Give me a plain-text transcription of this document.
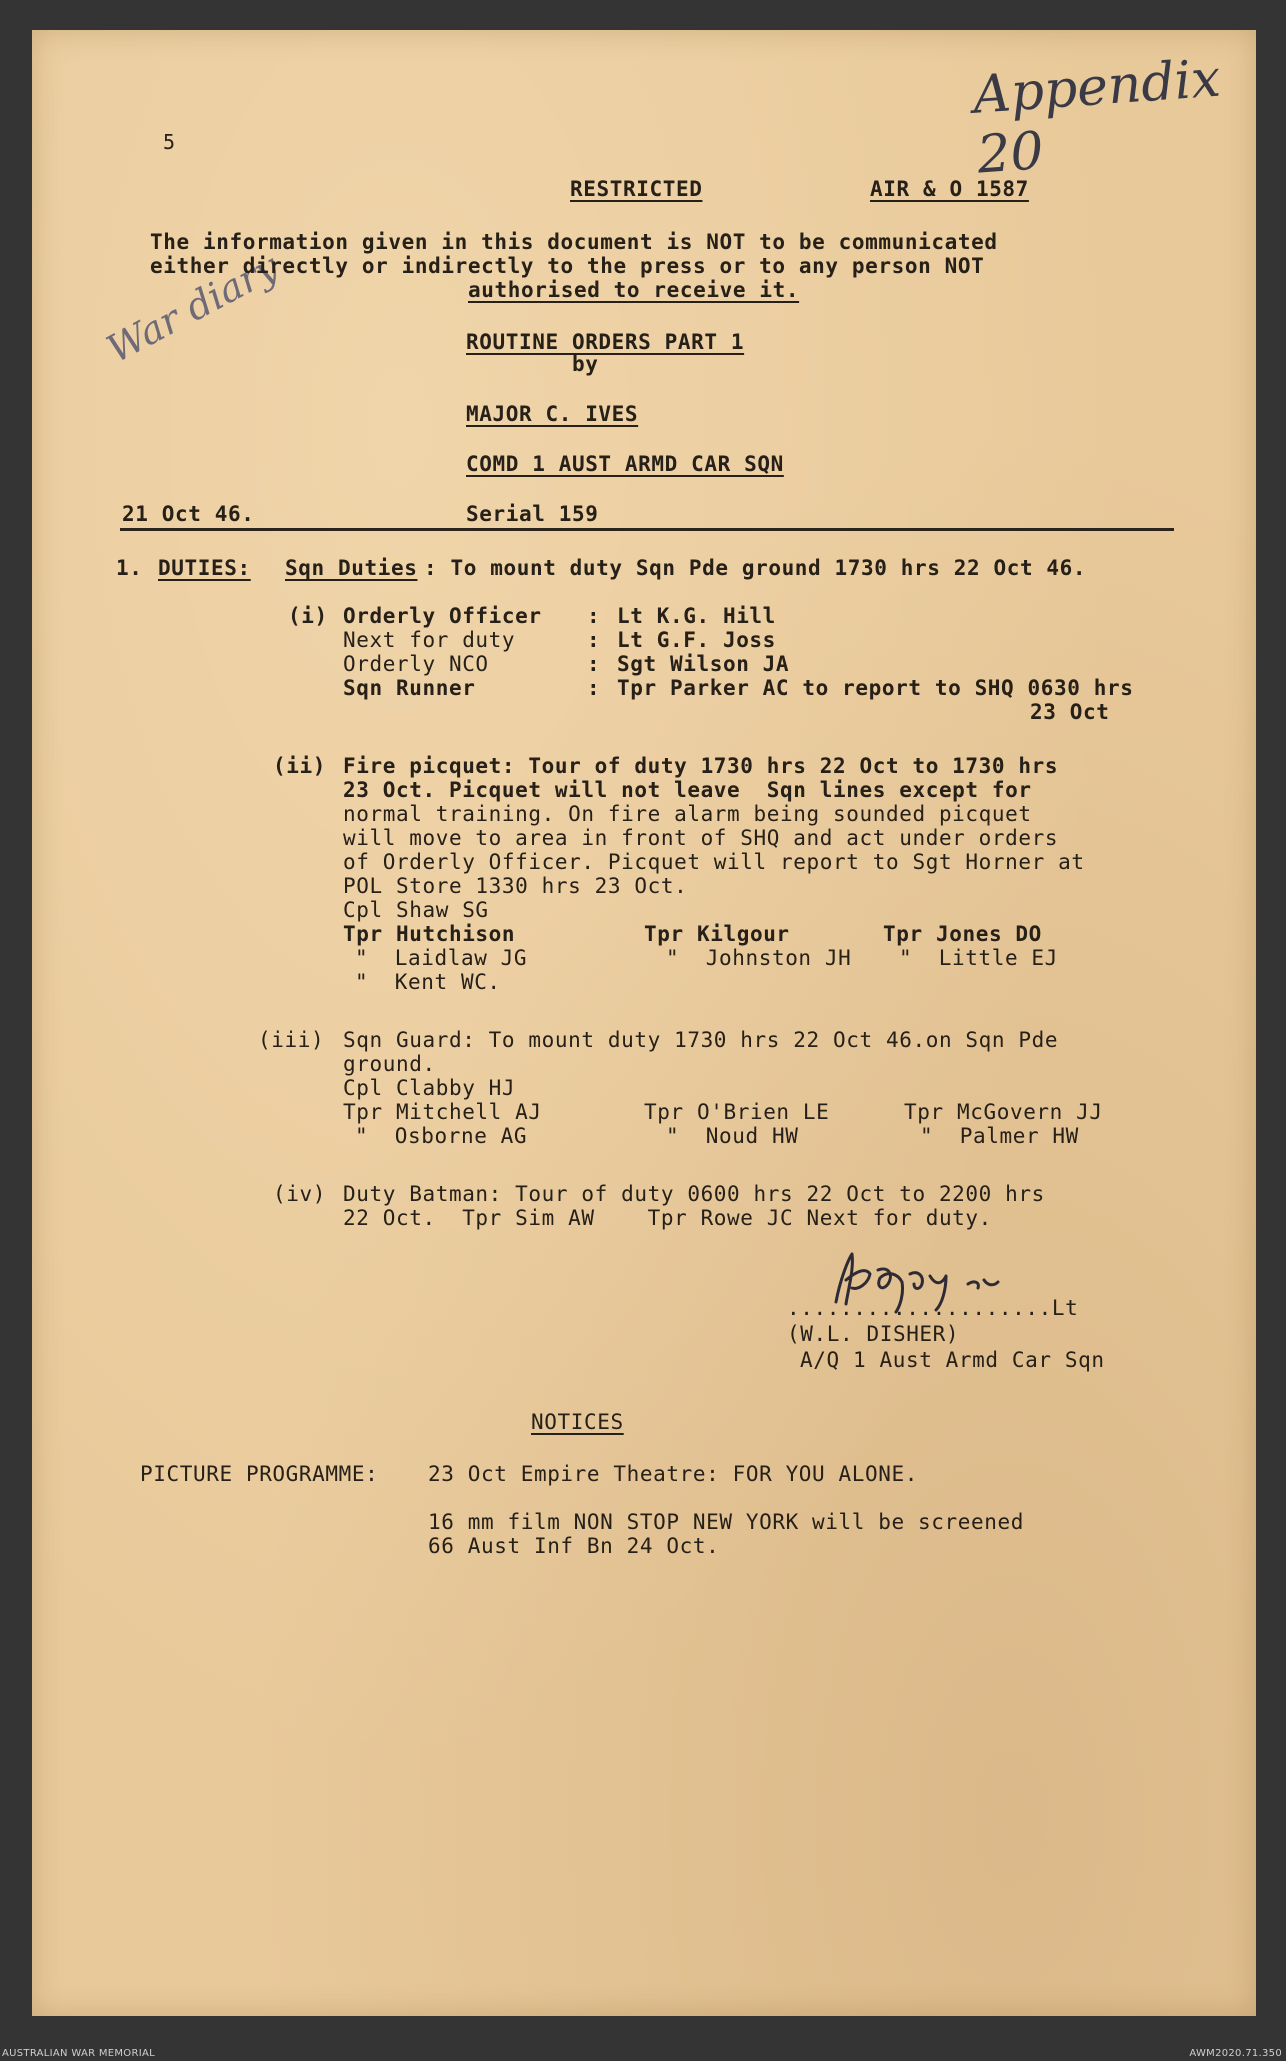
Appendix 20
War diary
5
RESTRICTED	AIR & O 1587
The information given in this document is NOT to be communicated
either directly or indirectly to the press or to any person NOT
authorised to receive it.
ROUTINE ORDERS PART 1
by
MAJOR C. IVES
COMD 1 AUST ARMD CAR SQN
21 Oct 46.	Serial 159
1. DUTIES: Sqn Duties : To mount duty Sqn Pde ground 1730 hrs 22 Oct 46.
(i) Orderly Officer : Lt K.G. Hill
Next for duty	: Lt G.F. Joss
Orderly NCO	: Sgt Wilson JA
Sqn Runner	: Tpr Parker AC to report to SHQ 0630 hrs
23 Oct
(ii) Fire picquet: Tour of duty 1730 hrs 22 Oct to 1730 hrs
23 Oct. Picquet will not leave  Sqn lines except for
normal training. On fire alarm being sounded picquet
will move to area in front of SHQ and act under orders
of Orderly Officer. Picquet will report to Sgt Horner at
POL Store 1330 hrs 23 Oct.
Cpl Shaw SG
Tpr Hutchison	Tpr Kilgour	Tpr Jones DO
"  Laidlaw JG	"  Johnston JH "  Little EJ
"  Kent WC.
(iii) Sqn Guard: To mount duty 1730 hrs 22 Oct 46.on Sqn Pde
ground.
Cpl Clabby HJ
Tpr Mitchell AJ	Tpr O'Brien LE	Tpr McGovern JJ
"  Osborne AG	"  Noud HW	"  Palmer HW
(iv) Duty Batman: Tour of duty 0600 hrs 22 Oct to 2200 hrs
22 Oct.  Tpr Sim AW    Tpr Rowe JC Next for duty.
....................Lt
(W.L. DISHER)
A/Q 1 Aust Armd Car Sqn
NOTICES
PICTURE PROGRAMME: 23 Oct Empire Theatre: FOR YOU ALONE.
16 mm film NON STOP NEW YORK will be screened
66 Aust Inf Bn 24 Oct.
AUSTRALIAN WAR MEMORIAL	AWM2020.71.350
